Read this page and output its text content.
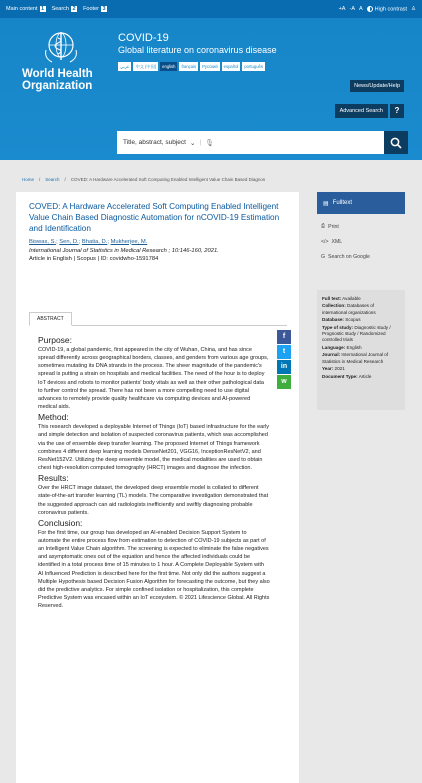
Main content 1 Search 2 Footer 3	+A -A A	High contrast ♙
World Health
Organization
COVID-19
Global literature on coronavirus disease
عربي	中文 (中国)	english	français	Русский	español	português
News/Update/Help
Advanced Search	?
Title, abstract, subject ⌄ | 🎙
Home / Search / COVED: A Hardware Accelerated Soft Computing Enabled Intelligent Value Chain Based Diagnos
COVED: A Hardware Accelerated Soft Computing Enabled Intelligent Value Chain Based Diagnostic Automation for nCOVID-19 Estimation and Identification
Biswas, S.; Sen, D.; Bhatia, D.; Mukherjee, M.
International Journal of Statistics in Medical Research ; 10:146-160, 2021.
Article in English | Scopus | ID: covidwho-1591784
ABSTRACT
Purpose:

COVID-19, a global pandemic, first appeared in the city of Wuhan, China, and has since spread differently across geographical borders, classes, and genders from various age groups, sometimes mutating its DNA strands in the process. The sheer magnitude of the pandemic's spread is putting a strain on hospitals and medical facilities. The need of the hour is to deploy IoT devices and robots to monitor patients' body vitals as well as their other pathological data to further control the spread. There has not been a more compelling need to use digital advances to remotely provide quality healthcare via computing devices and AI-powered medical aids.

Method:

This research developed a deployable Internet of Things (IoT) based infrastructure for the early and simple detection and isolation of suspected coronavirus patients, which was accomplished via the use of ensemble deep transfer learning. The proposed Internet of Things framework combines 4 different deep learning models DenseNet201, VGG16, InceptionResNetV2, and ResNet152V2. Utilizing the deep ensemble model, the medical modalities are used to obtain chest high-resolution computed tomography (HRCT) images and diagnose the infection.

Results:

Over the HRCT image dataset, the developed deep ensemble model is collated to different state-of-the-art transfer learning (TL) models. The comparative investigation demonstrated that the suggested approach can aid radiologists inefficiently and swiftly diagnosing probable coronavirus patients.

Conclusion:

For the first time, our group has developed an AI-enabled Decision Support System to automate the entire process flow from estimation to detection of COVID-19 subjects as part of an Intelligent Value Chain algorithm. The screening is expected to eliminate the false negatives and asymptomatic ones out of the equation and hence the affected individuals could be identified in a total process time of 15 minutes to 1 hour. A Complete Deployable System with AI Influenced Prediction is described here for the first time. Not only did the authors suggest a Multiple Hypothesis based Decision Fusion Algorithm for forecasting the outcome, but they also did the predictive analytics. For simple confined isolation or hospitalization, this complete Predictive System was encased within an IoT ecosystem. © 2021 Lifescience Global. All Rights Reserved.

f
t
in
w
▤ Fulltext
⎙ Print
</> XML
G Search on Google
Full text: Available
Collection: Databases of international organizations
Database: Scopus
Type of study: Diagnostic study / Prognostic study / Randomized controlled trials
Language: English
Journal: International Journal of Statistics in Medical Research
Year: 2021
Document Type: Article
